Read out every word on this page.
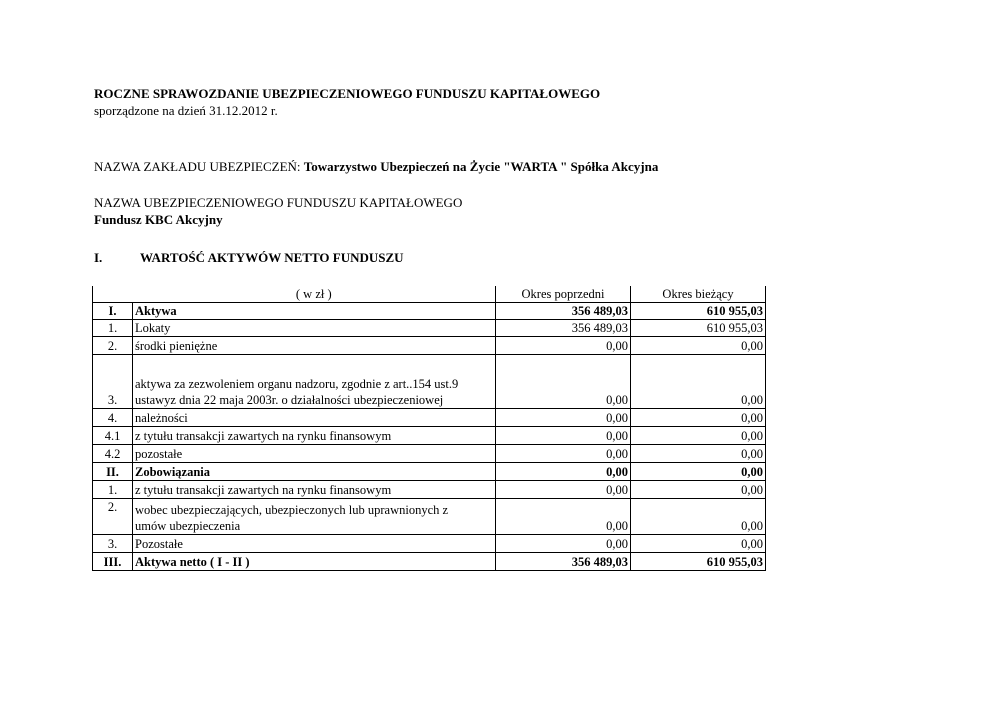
ROCZNE SPRAWOZDANIE UBEZPIECZENIOWEGO FUNDUSZU KAPITAŁOWEGO
sporządzone na dzień 31.12.2012 r.
NAZWA ZAKŁADU UBEZPIECZEŃ: Towarzystwo Ubezpieczeń na Życie "WARTA " Spółka Akcyjna
NAZWA UBEZPIECZENIOWEGO FUNDUSZU KAPITAŁOWEGO
Fundusz KBC Akcyjny
I.	WARTOŚĆ AKTYWÓW NETTO FUNDUSZU
	( w zł )	Okres poprzedni	Okres bieżący
I.	Aktywa	356 489,03	610 955,03
1.	Lokaty	356 489,03	610 955,03
2.	środki pieniężne	0,00	0,00
3.	aktywa za zezwoleniem organu nadzoru, zgodnie z art..154 ust.9
ustawyz dnia 22 maja 2003r. o działalności ubezpieczeniowej	0,00	0,00
4.	należności	0,00	0,00
4.1	z tytułu transakcji zawartych na rynku finansowym	0,00	0,00
4.2	pozostałe	0,00	0,00
II.	Zobowiązania	0,00	0,00
1.	z tytułu transakcji zawartych na rynku finansowym	0,00	0,00
2.	wobec ubezpieczających, ubezpieczonych lub uprawnionych z
umów ubezpieczenia	0,00	0,00
3.	Pozostałe	0,00	0,00
III.	Aktywa netto ( I - II )	356 489,03	610 955,03
